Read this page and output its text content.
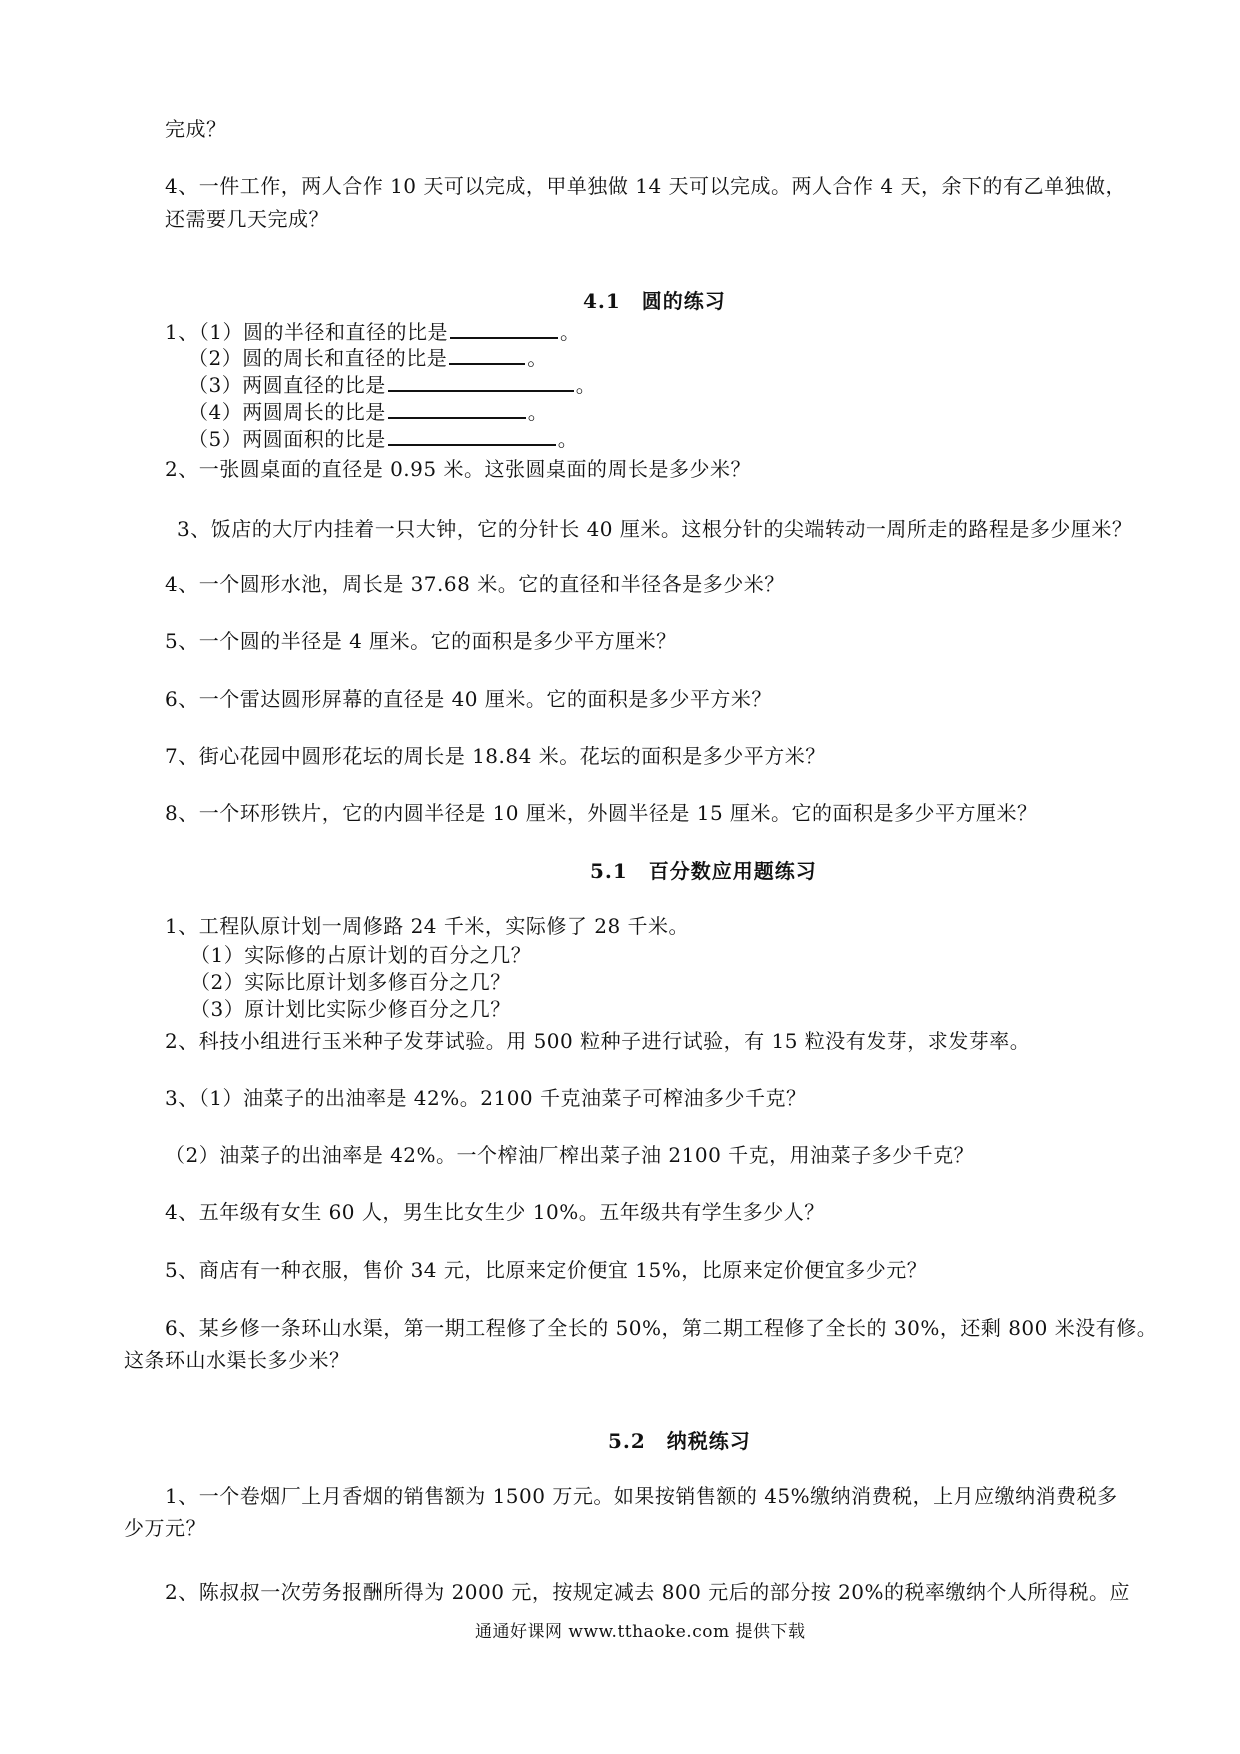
完成？
4、一件工作，两人合作 10 天可以完成，甲单独做 14 天可以完成。两人合作 4 天，余下的有乙单独做，
还需要几天完成？
4.1　圆的练习
1、（1）圆的半径和直径的比是	。
（2）圆的周长和直径的比是	。
（3）两圆直径的比是	。
（4）两圆周长的比是	。
（5）两圆面积的比是	。
2、一张圆桌面的直径是 0.95 米。这张圆桌面的周长是多少米？
3、饭店的大厅内挂着一只大钟，它的分针长 40 厘米。这根分针的尖端转动一周所走的路程是多少厘米？
4、一个圆形水池，周长是 37.68 米。它的直径和半径各是多少米？
5、一个圆的半径是 4 厘米。它的面积是多少平方厘米？
6、一个雷达圆形屏幕的直径是 40 厘米。它的面积是多少平方米？
7、街心花园中圆形花坛的周长是 18.84 米。花坛的面积是多少平方米？
8、一个环形铁片，它的内圆半径是 10 厘米，外圆半径是 15 厘米。它的面积是多少平方厘米？
5.1　百分数应用题练习
1、工程队原计划一周修路 24 千米，实际修了 28 千米。
（1）实际修的占原计划的百分之几？
（2）实际比原计划多修百分之几？
（3）原计划比实际少修百分之几？
2、科技小组进行玉米种子发芽试验。用 500 粒种子进行试验，有 15 粒没有发芽，求发芽率。
3、（1）油菜子的出油率是 42%。2100 千克油菜子可榨油多少千克？
（2）油菜子的出油率是 42%。一个榨油厂榨出菜子油 2100 千克，用油菜子多少千克？
4、五年级有女生 60 人，男生比女生少 10%。五年级共有学生多少人？
5、商店有一种衣服，售价 34 元，比原来定价便宜 15%，比原来定价便宜多少元？
6、某乡修一条环山水渠，第一期工程修了全长的 50%，第二期工程修了全长的 30%，还剩 800 米没有修。
这条环山水渠长多少米？
5.2　纳税练习
1、一个卷烟厂上月香烟的销售额为 1500 万元。如果按销售额的 45%缴纳消费税，上月应缴纳消费税多
少万元？
2、陈叔叔一次劳务报酬所得为 2000 元，按规定减去 800 元后的部分按 20%的税率缴纳个人所得税。应
通通好课网 www.tthaoke.com 提供下载
